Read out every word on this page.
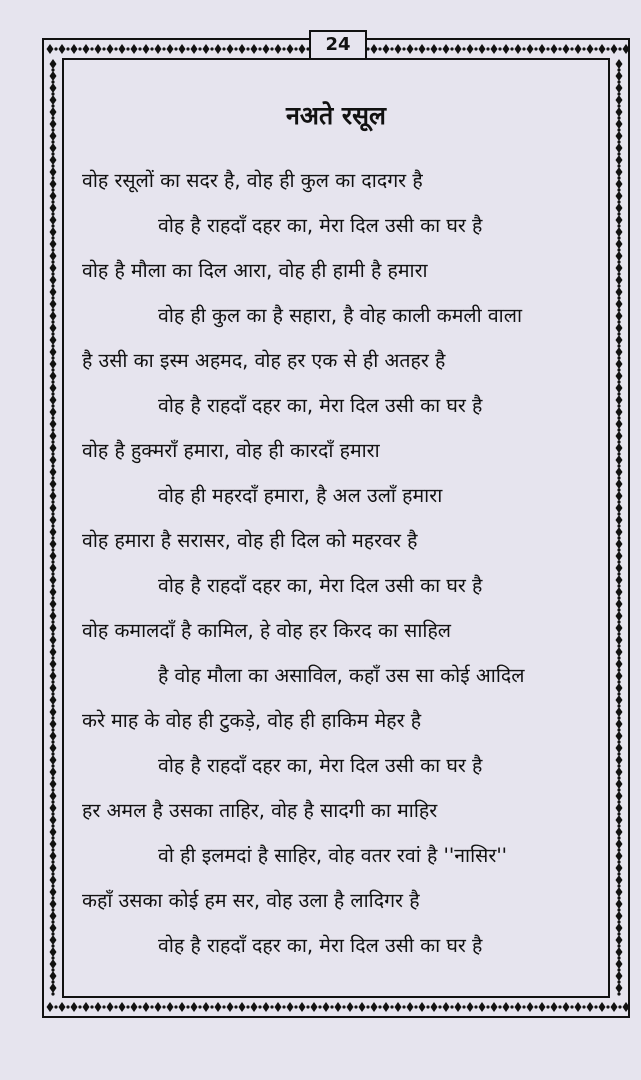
24
नअते रसूल
वोह रसूलों का सदर है, वोह ही कुल का दादगर है
वोह है राहदाँ दहर का, मेरा दिल उसी का घर है
वोह है मौला का दिल आरा, वोह ही हामी है हमारा
वोह ही कुल का है सहारा, है वोह काली कमली वाला
है उसी का इस्म अहमद, वोह हर एक से ही अतहर है
वोह है राहदाँ दहर का, मेरा दिल उसी का घर है
वोह है हुक्मराँ हमारा, वोह ही कारदाँ हमारा
वोह ही महरदाँ हमारा, है अल उलाँ हमारा
वोह हमारा है सरासर, वोह ही दिल को महरवर है
वोह है राहदाँ दहर का, मेरा दिल उसी का घर है
वोह कमालदाँ है कामिल, हे वोह हर किरद का साहिल
है वोह मौला का असाविल, कहाँ उस सा कोई आदिल
करे माह के वोह ही टुकड़े, वोह ही हाकिम मेहर है
वोह है राहदाँ दहर का, मेरा दिल उसी का घर है
हर अमल है उसका ताहिर, वोह है सादगी का माहिर
वो ही इलमदां है साहिर, वोह वतर रवां है ''नासिर''
कहाँ उसका कोई हम सर, वोह उला है लादिगर है
वोह है राहदाँ दहर का, मेरा दिल उसी का घर है
